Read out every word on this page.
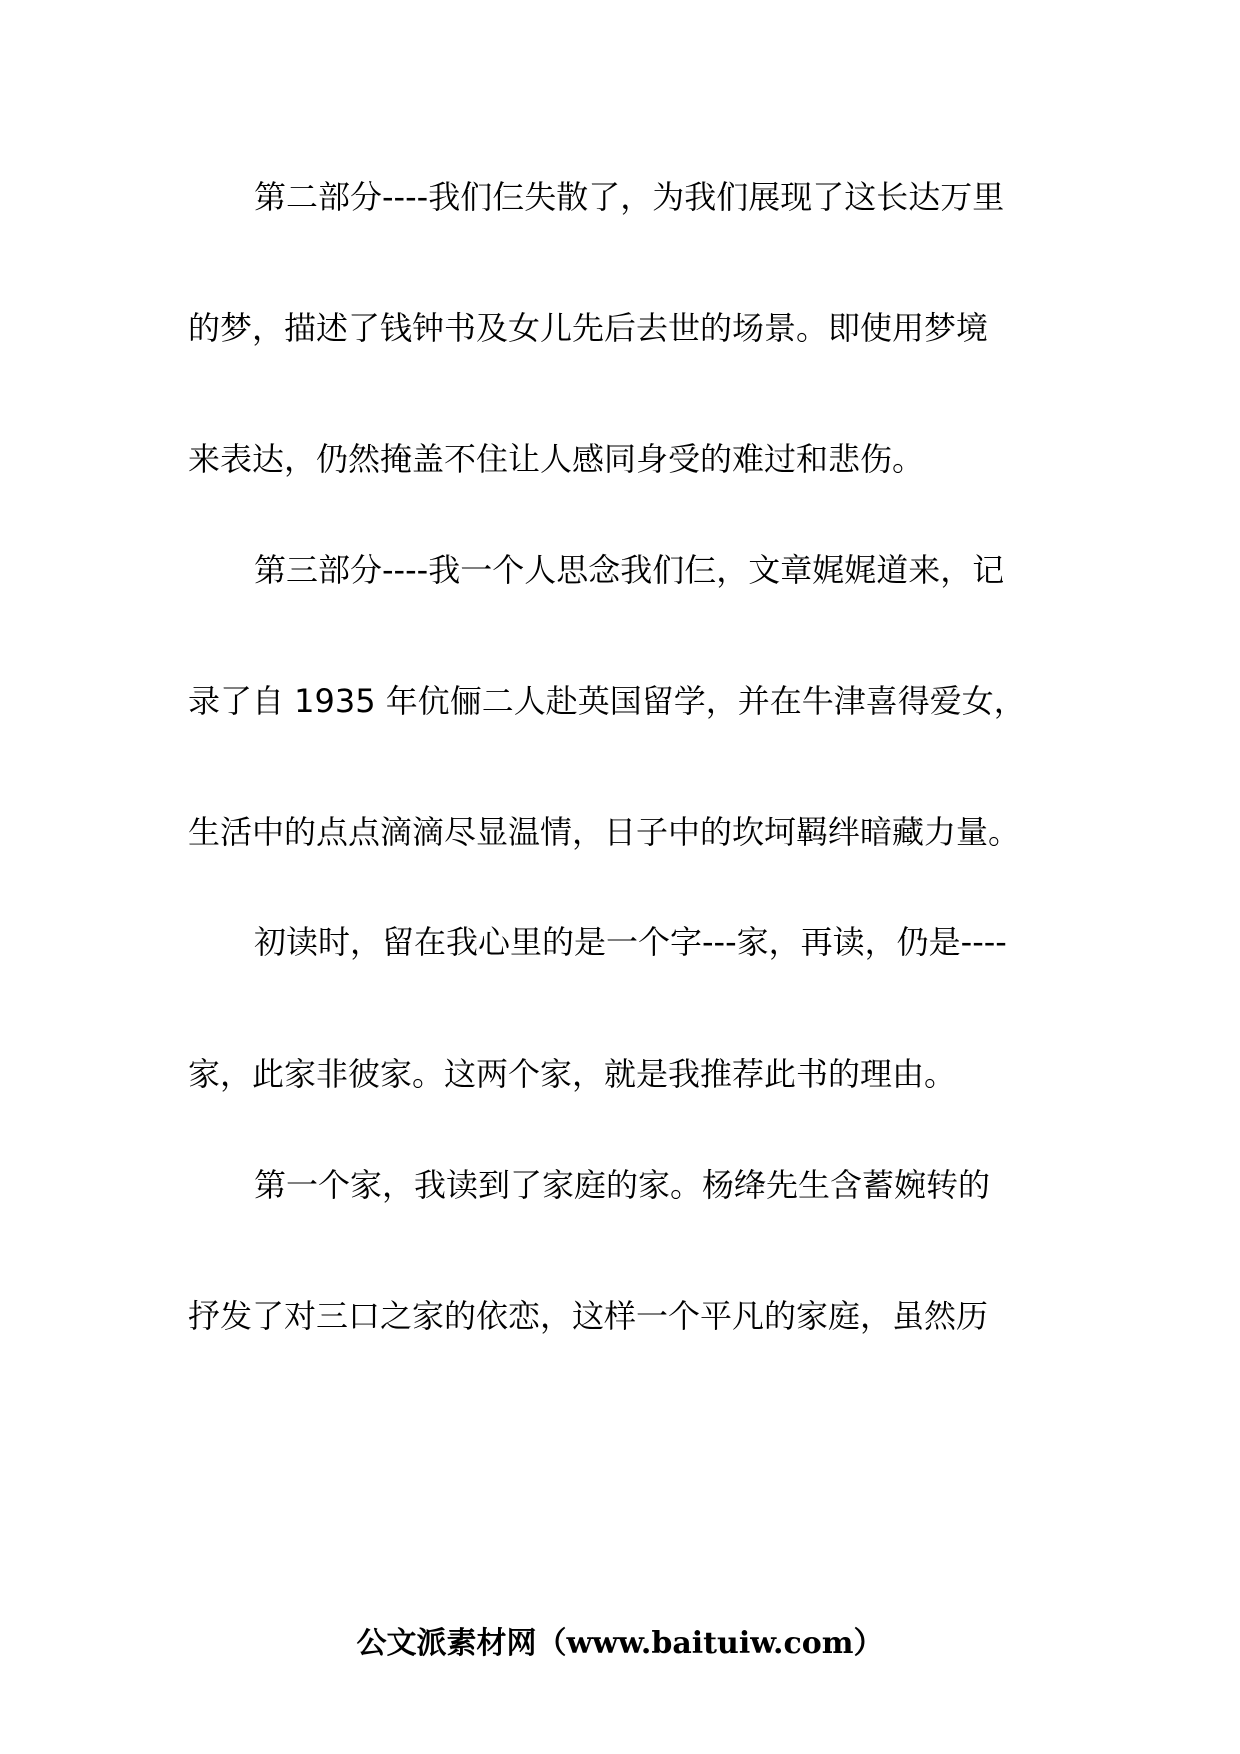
第二部分----我们仨失散了，为我们展现了这长达万里
的梦，描述了钱钟书及女儿先后去世的场景。即使用梦境
来表达，仍然掩盖不住让人感同身受的难过和悲伤。
第三部分----我一个人思念我们仨，文章娓娓道来，记
录了自 1935 年伉俪二人赴英国留学，并在牛津喜得爱女，
生活中的点点滴滴尽显温情，日子中的坎坷羁绊暗藏力量。
初读时，留在我心里的是一个字---家，再读，仍是----
家，此家非彼家。这两个家，就是我推荐此书的理由。
第一个家，我读到了家庭的家。杨绛先生含蓄婉转的
抒发了对三口之家的依恋，这样一个平凡的家庭，虽然历
公文派素材网（www.baituiw.com）
